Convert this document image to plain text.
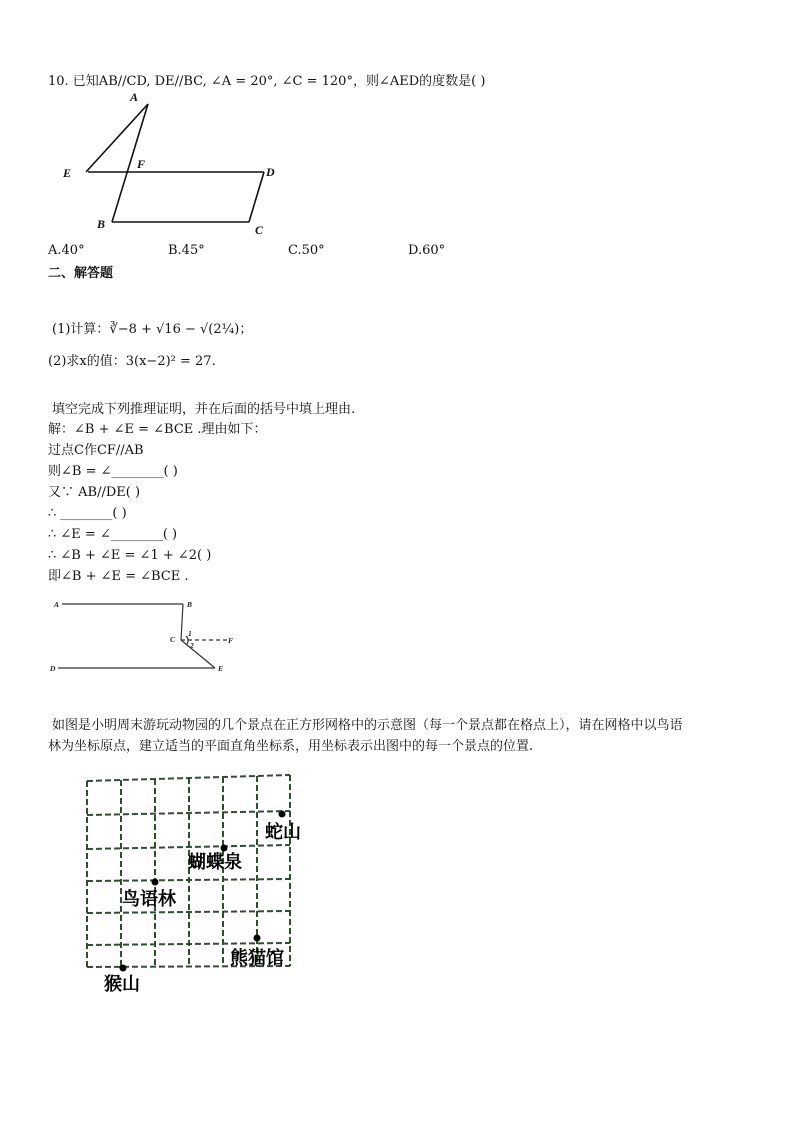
10. 已知AB//CD, DE//BC, ∠A = 20°, ∠C = 120°，则∠AED的度数是( )
A
E
F
D
B	C
A.40°	B.45°	C.50°	D.60°
二、解答题
(1)计算：∛−8 + √16 − √(2¼)；
(2)求x的值：3(x−2)² = 27.
填空完成下列推理证明，并在后面的括号中填上理由.
解：∠B + ∠E = ∠BCE .理由如下：
过点C作CF//AB
则∠B = ∠________( )
又∵ AB//DE( )
∴ ________( )
∴ ∠E = ∠________( )
∴ ∠B + ∠E = ∠1 + ∠2( )
即∠B + ∠E = ∠BCE .
A	B
C	F
D	E
1
2
如图是小明周末游玩动物园的几个景点在正方形网格中的示意图（每一个景点都在格点上），请在网格中以鸟语
林为坐标原点，建立适当的平面直角坐标系，用坐标表示出图中的每一个景点的位置.
蛇山
蝴蝶泉
鸟语林
熊猫馆
猴山
